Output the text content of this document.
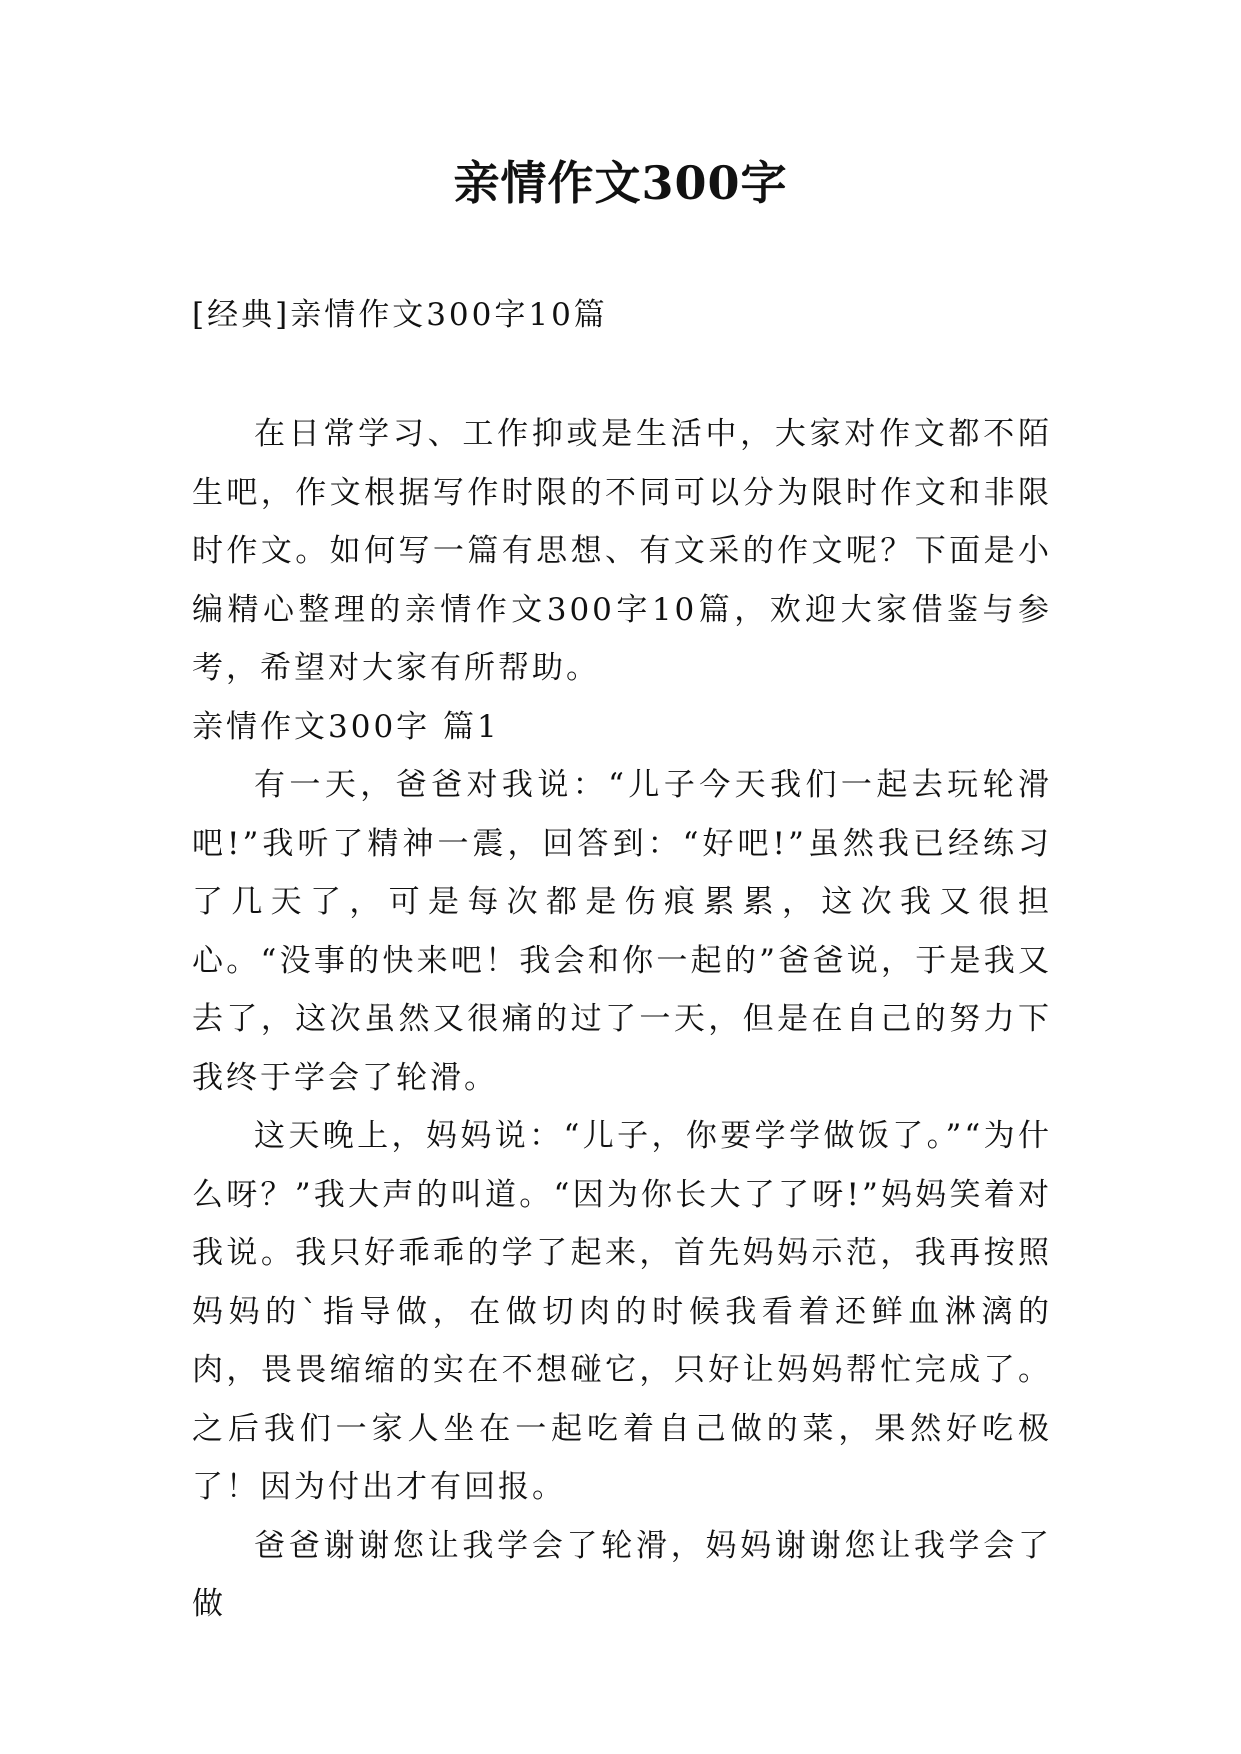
亲情作文300字
[经典]亲情作文300字10篇

在日常学习、工作抑或是生活中，大家对作文都不陌生吧，作文根据写作时限的不同可以分为限时作文和非限时作文。如何写一篇有思想、有文采的作文呢？下面是小编精心整理的亲情作文300字10篇，欢迎大家借鉴与参考，希望对大家有所帮助。

亲情作文300字 篇1

有一天，爸爸对我说：“儿子今天我们一起去玩轮滑吧!”我听了精神一震，回答到：“好吧!”虽然我已经练习了几天了，可是每次都是伤痕累累，这次我又很担心。“没事的快来吧！我会和你一起的”爸爸说，于是我又去了，这次虽然又很痛的过了一天，但是在自己的努力下我终于学会了轮滑。

这天晚上，妈妈说：“儿子，你要学学做饭了。”“为什么呀？”我大声的叫道。“因为你长大了了呀!”妈妈笑着对我说。我只好乖乖的学了起来，首先妈妈示范，我再按照妈妈的`指导做，在做切肉的时候我看着还鲜血淋漓的肉，畏畏缩缩的实在不想碰它，只好让妈妈帮忙完成了。之后我们一家人坐在一起吃着自己做的菜，果然好吃极了！因为付出才有回报。

爸爸谢谢您让我学会了轮滑，妈妈谢谢您让我学会了做
